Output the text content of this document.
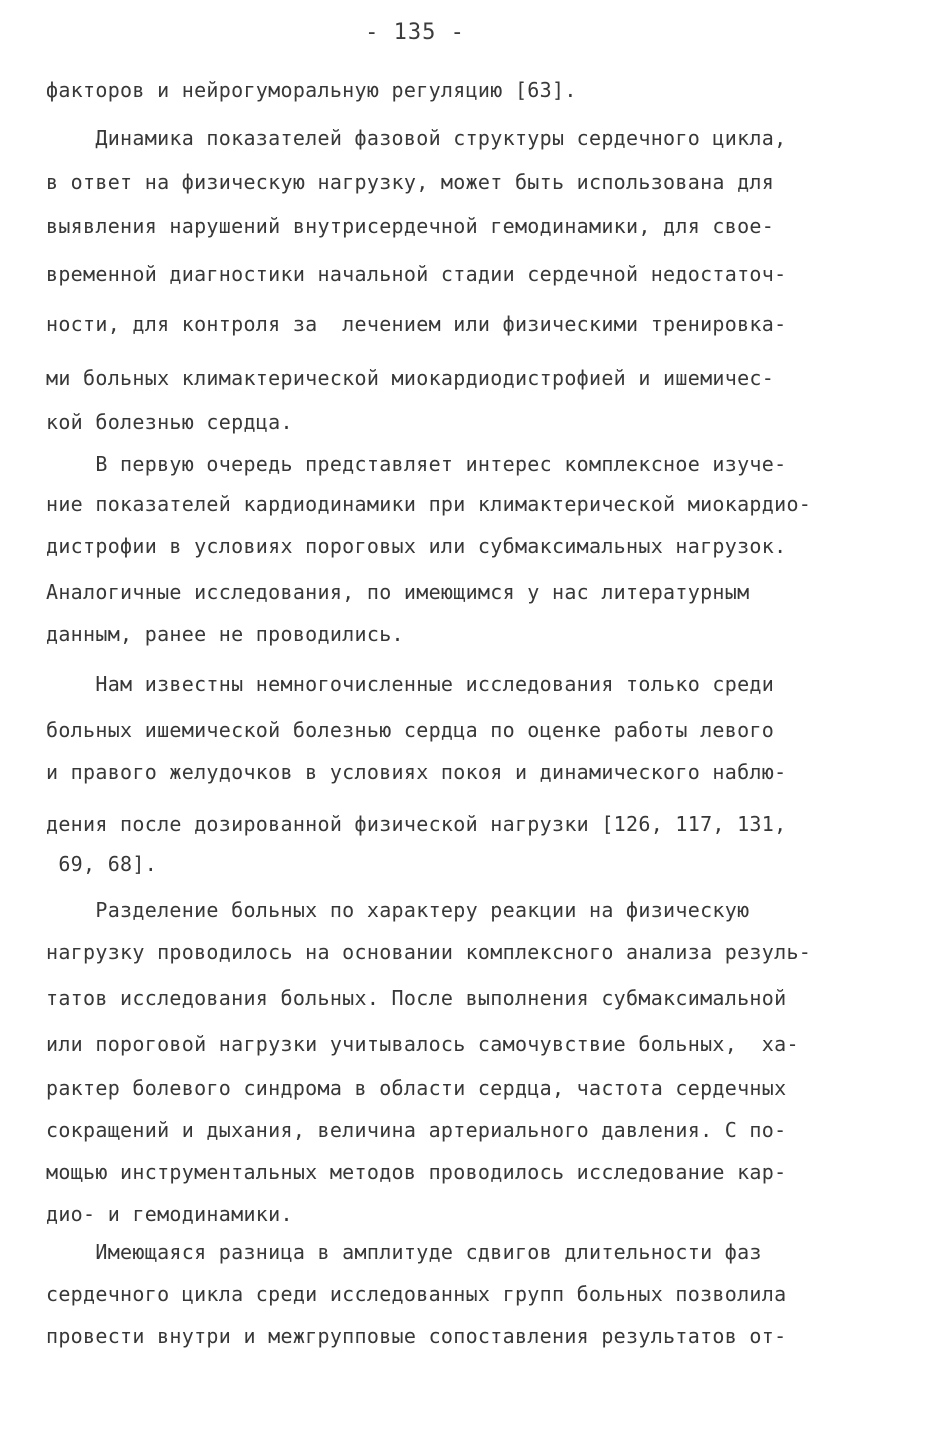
- 135 -
факторов и нейрогуморальную регуляцию [63].
Динамика показателей фазовой структуры сердечного цикла,
в ответ на физическую нагрузку, может быть использована для
выявления нарушений внутрисердечной гемодинамики, для свое-
временной диагностики начальной стадии сердечной недостаточ-
ности, для контроля за  лечением или физическими тренировка-
ми больных климактерической миокардиодистрофией и ишемичес-
кой болезнью сердца.
В первую очередь представляет интерес комплексное изуче-
ние показателей кардиодинамики при климактерической миокардио-
дистрофии в условиях пороговых или субмаксимальных нагрузок.
Аналогичные исследования, по имеющимся у нас литературным
данным, ранее не проводились.
Нам известны немногочисленные исследования только среди
больных ишемической болезнью сердца по оценке работы левого
и правого желудочков в условиях покоя и динамического наблю-
дения после дозированной физической нагрузки [126, 117, 131,
69, 68].
Разделение больных по характеру реакции на физическую
нагрузку проводилось на основании комплексного анализа резуль-
татов исследования больных. После выполнения субмаксимальной
или пороговой нагрузки учитывалось самочувствие больных,  ха-
рактер болевого синдрома в области сердца, частота сердечных
сокращений и дыхания, величина артериального давления. С по-
мощью инструментальных методов проводилось исследование кар-
дио- и гемодинамики.
Имеющаяся разница в амплитуде сдвигов длительности фаз
сердечного цикла среди исследованных групп больных позволила
провести внутри и межгрупповые сопоставления результатов от-
